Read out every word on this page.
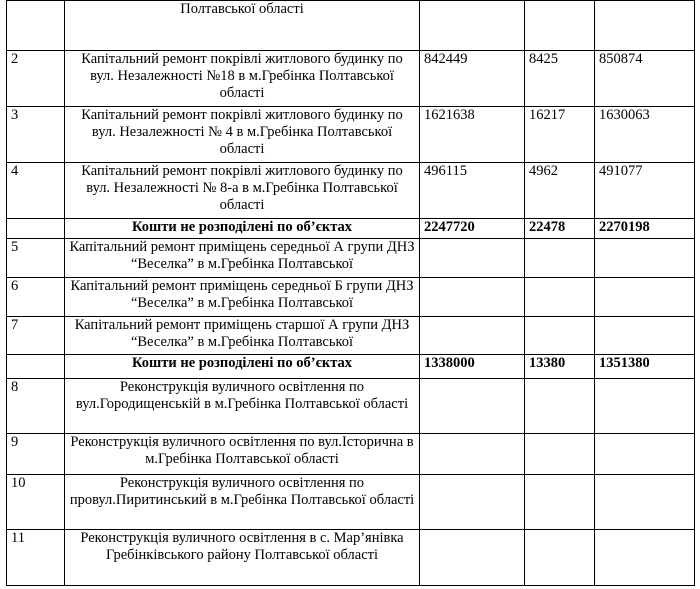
	Полтавської області			
2	Капітальний ремонт покрівлі житлового будинку по вул. Незалежності №18 в м.Гребінка Полтавської області	842449	8425	850874
3	Капітальний ремонт покрівлі житлового будинку по вул. Незалежності № 4 в м.Гребінка Полтавської області	1621638	16217	1630063
4	Капітальний ремонт покрівлі житлового будинку по вул. Незалежності № 8-а в м.Гребінка Полтавської області	496115	4962	491077
	Кошти не розподілені по об’єктах	2247720	22478	2270198
5	Капітальний ремонт приміщень середньої А групи ДНЗ “Веселка” в м.Гребінка Полтавської			
6	Капітальний ремонт приміщень середньої Б групи ДНЗ “Веселка” в м.Гребінка Полтавської			
7	Капітальний ремонт приміщень старшої А групи ДНЗ “Веселка” в м.Гребінка Полтавської			
	Кошти не розподілені по об’єктах	1338000	13380	1351380
8	Реконструкція вуличного освітлення по вул.Городищенській в м.Гребінка Полтавської області			
9	Реконструкція вуличного освітлення по вул.Історична в м.Гребінка Полтавської області			
10	Реконструкція вуличного освітлення по провул.Пиритинський в м.Гребінка Полтавської області			
11	Реконструкція вуличного освітлення в с. Мар’янівка Гребінківського району Полтавської області			
